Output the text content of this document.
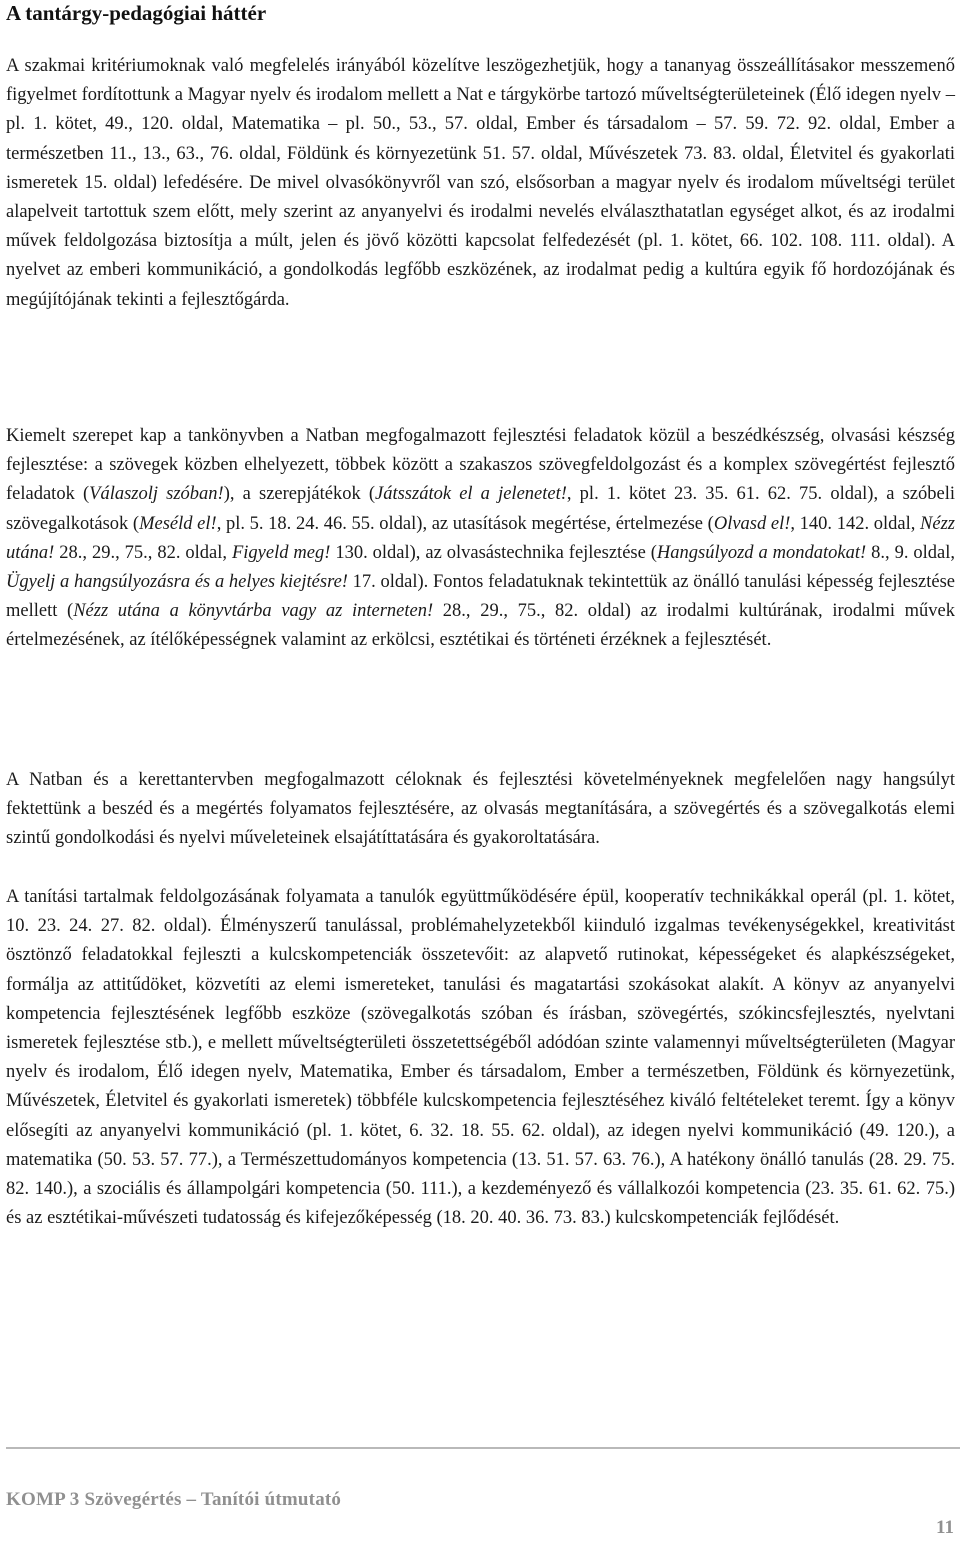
A tantárgy-pedagógiai háttér

A szakmai kritériumoknak való megfelelés irányából közelítve leszögezhetjük, hogy a tananyag összeállításakor messzemenő figyelmet fordítottunk a Magyar nyelv és irodalom mellett a Nat e tárgykörbe tartozó műveltségterületeinek (Élő idegen nyelv – pl. 1. kötet, 49., 120. oldal, Matematika – pl. 50., 53., 57. oldal, Ember és társadalom – 57. 59. 72. 92. oldal, Ember a természetben 11., 13., 63., 76. oldal, Földünk és környezetünk 51. 57. oldal, Művészetek 73. 83. oldal, Életvitel és gyakorlati ismeretek 15. oldal) lefedésére. De mivel olvasókönyvről van szó, elsősorban a magyar nyelv és irodalom műveltségi terület alapelveit tartottuk szem előtt, mely szerint az anyanyelvi és irodalmi nevelés elválaszthatatlan egységet alkot, és az irodalmi művek feldolgozása biztosítja a múlt, jelen és jövő közötti kapcsolat felfedezését (pl. 1. kötet, 66. 102. 108. 111. oldal). A nyelvet az emberi kommunikáció, a gondolkodás legfőbb eszközének, az irodalmat pedig a kultúra egyik fő hordozójának és megújítójának tekinti a fejlesztőgárda.

Kiemelt szerepet kap a tankönyvben a Natban megfogalmazott fejlesztési feladatok közül a beszédkészség, olvasási készség fejlesztése: a szövegek közben elhelyezett, többek között a szakaszos szövegfeldolgozást és a komplex szövegértést fejlesztő feladatok (Válaszolj szóban!), a szerepjátékok (Játsszátok el a jelenetet!, pl. 1. kötet 23. 35. 61. 62. 75. oldal), a szóbeli szövegalkotások (Meséld el!, pl. 5. 18. 24. 46. 55. oldal), az utasítások megértése, értelmezése (Olvasd el!, 140. 142. oldal, Nézz utána! 28., 29., 75., 82. oldal, Figyeld meg! 130. oldal), az olvasástechnika fejlesztése (Hangsúlyozd a mondatokat! 8., 9. oldal, Ügyelj a hangsúlyozásra és a helyes kiejtésre! 17. oldal). Fontos feladatuknak tekintettük az önálló tanulási képesség fejlesztése mellett (Nézz utána a könyvtárba vagy az interneten! 28., 29., 75., 82. oldal) az irodalmi kultúrának, irodalmi művek értelmezésének, az ítélőképességnek valamint az erkölcsi, esztétikai és történeti érzéknek a fejlesztését.

A Natban és a kerettantervben megfogalmazott céloknak és fejlesztési követelményeknek megfelelően nagy hangsúlyt fektettünk a beszéd és a megértés folyamatos fejlesztésére, az olvasás megtanítására, a szövegértés és a szövegalkotás elemi szintű gondolkodási és nyelvi műveleteinek elsajátíttatására és gyakoroltatására.

A tanítási tartalmak feldolgozásának folyamata a tanulók együttműködésére épül, kooperatív technikákkal operál (pl. 1. kötet, 10. 23. 24. 27. 82. oldal). Élményszerű tanulással, problémahelyzetekből kiinduló izgalmas tevékenységekkel, kreativitást ösztönző feladatokkal fejleszti a kulcskompetenciák összetevőit: az alapvető rutinokat, képességeket és alapkészségeket, formálja az attitűdöket, közvetíti az elemi ismereteket, tanulási és magatartási szokásokat alakít. A könyv az anyanyelvi kompetencia fejlesztésének legfőbb eszköze (szövegalkotás szóban és írásban, szövegértés, szókincsfejlesztés, nyelvtani ismeretek fejlesztése stb.), e mellett műveltségterületi összetettségéből adódóan szinte valamennyi műveltségterületen (Magyar nyelv és irodalom, Élő idegen nyelv, Matematika, Ember és társadalom, Ember a természetben, Földünk és környezetünk, Művészetek, Életvitel és gyakorlati ismeretek) többféle kulcskompetencia fejlesztéséhez kiváló feltételeket teremt. Így a könyv elősegíti az anyanyelvi kommunikáció (pl. 1. kötet, 6. 32. 18. 55. 62. oldal), az idegen nyelvi kommunikáció (49. 120.), a matematika (50. 53. 57. 77.), a Természettudományos kompetencia (13. 51. 57. 63. 76.), A hatékony önálló tanulás (28. 29. 75. 82. 140.), a szociális és állampolgári kompetencia (50. 111.), a kezdeményező és vállalkozói kompetencia (23. 35. 61. 62. 75.) és az esztétikai-művészeti tudatosság és kifejezőképesség (18. 20. 40. 36. 73. 83.) kulcskompetenciák fejlődését.

KOMP 3 Szövegértés – Tanítói útmutató

11
